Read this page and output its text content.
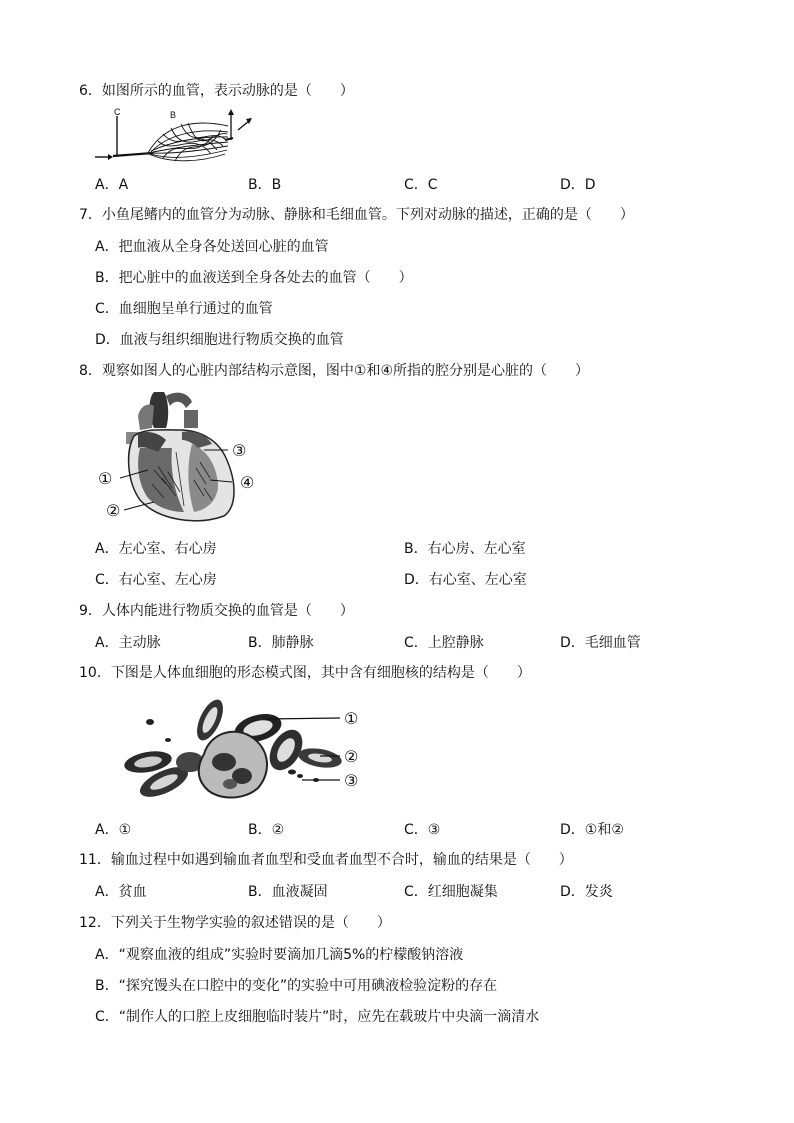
6．如图所示的血管，表示动脉的是（　　）
C	B
A．A	B．B	C．C	D．D
7．小鱼尾鳍内的血管分为动脉、静脉和毛细血管。下列对动脉的描述，正确的是（　　）
A．把血液从全身各处送回心脏的血管
B．把心脏中的血液送到全身各处去的血管（　　）
C．血细胞呈单行通过的血管
D．血液与组织细胞进行物质交换的血管
8．观察如图人的心脏内部结构示意图，图中①和④所指的腔分别是心脏的（　　）
①
②
③
④
A．左心室、右心房	B．右心房、左心室
C．右心室、左心房	D．右心室、左心室
9．人体内能进行物质交换的血管是（　　）
A．主动脉	B．肺静脉	C．上腔静脉	D．毛细血管
10．下图是人体血细胞的形态模式图，其中含有细胞核的结构是（　　）
①
②
③
A．①	B．②	C．③	D．①和②
11．输血过程中如遇到输血者血型和受血者血型不合时，输血的结果是（　　）
A．贫血	B．血液凝固	C．红细胞凝集	D．发炎
12．下列关于生物学实验的叙述错误的是（　　）
A．“观察血液的组成”实验时要滴加几滴5%的柠檬酸钠溶液
B．“探究馒头在口腔中的变化”的实验中可用碘液检验淀粉的存在
C．“制作人的口腔上皮细胞临时装片”时，应先在载玻片中央滴一滴清水
